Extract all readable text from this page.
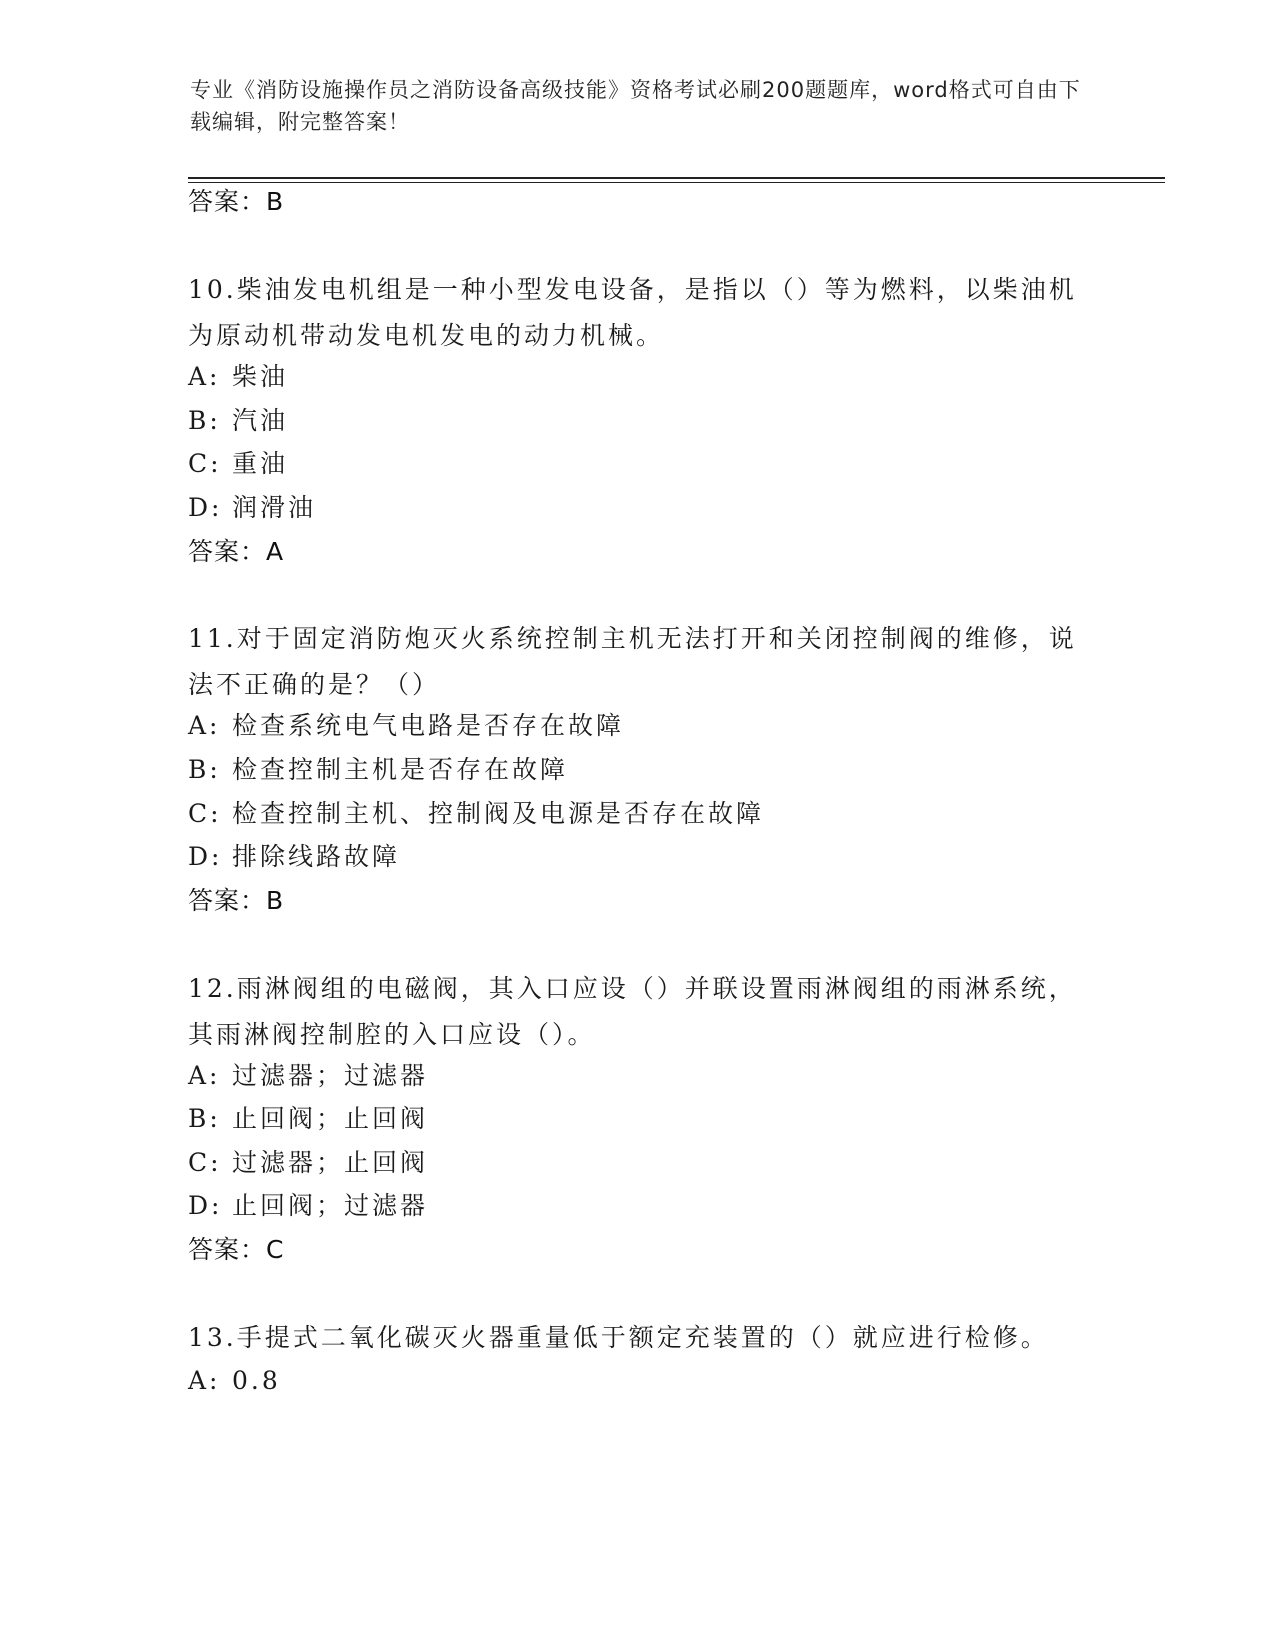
专业《消防设施操作员之消防设备高级技能》资格考试必刷200题题库，word格式可自由下载编辑，附完整答案！
答案：B
10.柴油发电机组是一种小型发电设备，是指以（）等为燃料，以柴油机为原动机带动发电机发电的动力机械。
A: 柴油
B: 汽油
C: 重油
D: 润滑油
答案：A
11.对于固定消防炮灭火系统控制主机无法打开和关闭控制阀的维修，说法不正确的是？（）
A: 检查系统电气电路是否存在故障
B: 检查控制主机是否存在故障
C: 检查控制主机、控制阀及电源是否存在故障
D: 排除线路故障
答案：B
12.雨淋阀组的电磁阀，其入口应设（）并联设置雨淋阀组的雨淋系统，其雨淋阀控制腔的入口应设（）。
A: 过滤器；过滤器
B: 止回阀；止回阀
C: 过滤器；止回阀
D: 止回阀；过滤器
答案：C
13.手提式二氧化碳灭火器重量低于额定充装置的（）就应进行检修。
A: 0.8
